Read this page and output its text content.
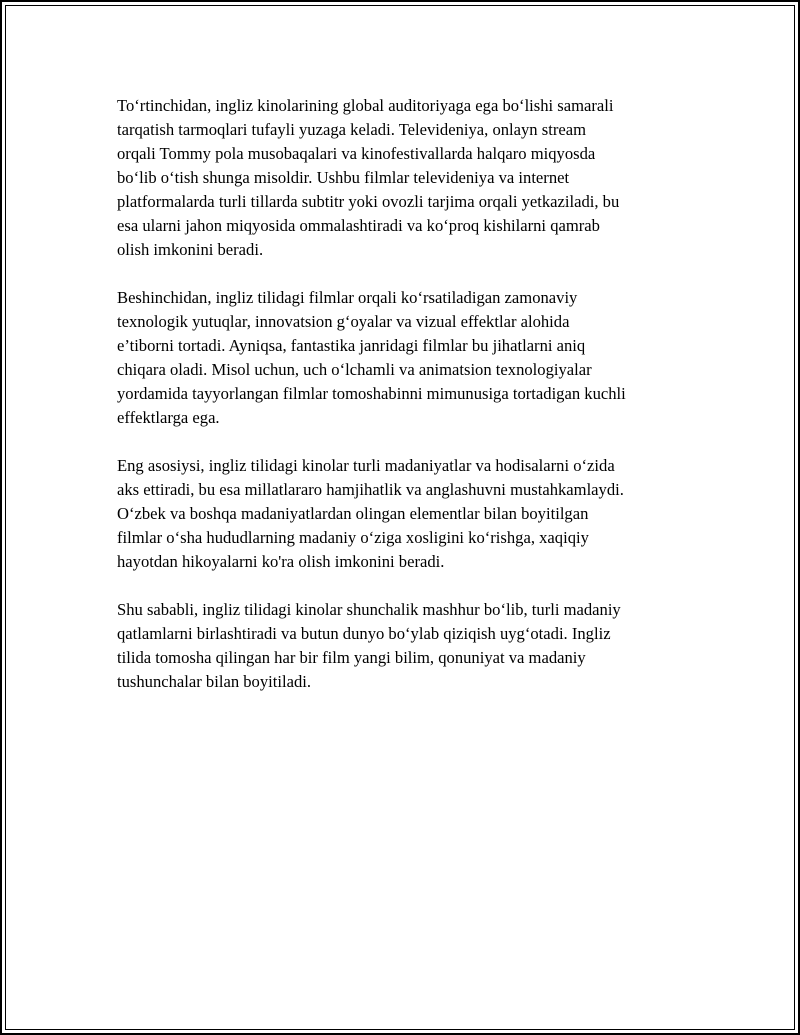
To‘rtinchidan, ingliz kinolarining global auditoriyaga ega bo‘lishi samarali
tarqatish tarmoqlari tufayli yuzaga keladi. Televideniya, onlayn stream
orqali Tommy pola musobaqalari va kinofestivallarda halqaro miqyosda
bo‘lib o‘tish shunga misoldir. Ushbu filmlar televideniya va internet
platformalarda turli tillarda subtitr yoki ovozli tarjima orqali yetkaziladi, bu
esa ularni jahon miqyosida ommalashtiradi va ko‘proq kishilarni qamrab
olish imkonini beradi.

Beshinchidan, ingliz tilidagi filmlar orqali ko‘rsatiladigan zamonaviy
texnologik yutuqlar, innovatsion g‘oyalar va vizual effektlar alohida
e’tiborni tortadi. Ayniqsa, fantastika janridagi filmlar bu jihatlarni aniq
chiqara oladi. Misol uchun, uch o‘lchamli va animatsion texnologiyalar
yordamida tayyorlangan filmlar tomoshabinni mimunusiga tortadigan kuchli
effektlarga ega.

Eng asosiysi, ingliz tilidagi kinolar turli madaniyatlar va hodisalarni o‘zida
aks ettiradi, bu esa millatlararo hamjihatlik va anglashuvni mustahkamlaydi.
O‘zbek va boshqa madaniyatlardan olingan elementlar bilan boyitilgan
filmlar o‘sha hududlarning madaniy o‘ziga xosligini ko‘rishga, xaqiqiy
hayotdan hikoyalarni ko'ra olish imkonini beradi.

Shu sababli, ingliz tilidagi kinolar shunchalik mashhur bo‘lib, turli madaniy
qatlamlarni birlashtiradi va butun dunyo bo‘ylab qiziqish uyg‘otadi. Ingliz
tilida tomosha qilingan har bir film yangi bilim, qonuniyat va madaniy
tushunchalar bilan boyitiladi.
